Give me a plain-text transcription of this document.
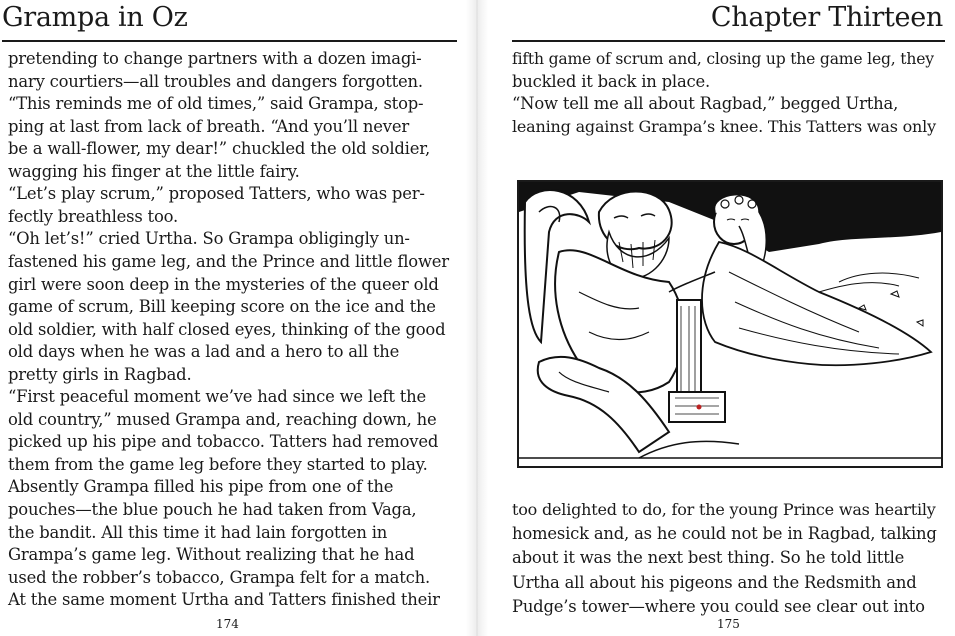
Grampa in Oz
pretending to change partners with a dozen imagi-
nary courtiers—all troubles and dangers forgotten.
“This reminds me of old times,” said Grampa, stop-
ping at last from lack of breath. “And you’ll never
be a wall-flower, my dear!” chuckled the old soldier,
wagging his finger at the little fairy.
“Let’s play scrum,” proposed Tatters, who was per-
fectly breathless too.
“Oh let’s!” cried Urtha. So Grampa obligingly un-
fastened his game leg, and the Prince and little flower
girl were soon deep in the mysteries of the queer old
game of scrum, Bill keeping score on the ice and the
old soldier, with half closed eyes, thinking of the good
old days when he was a lad and a hero to all the
pretty girls in Ragbad.
“First peaceful moment we’ve had since we left the
old country,” mused Grampa and, reaching down, he
picked up his pipe and tobacco. Tatters had removed
them from the game leg before they started to play.
Absently Grampa filled his pipe from one of the
pouches—the blue pouch he had taken from Vaga,
the bandit. All this time it had lain forgotten in
Grampa’s game leg. Without realizing that he had
used the robber’s tobacco, Grampa felt for a match.
At the same moment Urtha and Tatters finished their
174
Chapter Thirteen
fifth game of scrum and, closing up the game leg, they
buckled it back in place.
“Now tell me all about Ragbad,” begged Urtha,
leaning against Grampa’s knee. This Tatters was only
too delighted to do, for the young Prince was heartily
homesick and, as he could not be in Ragbad, talking
about it was the next best thing. So he told little
Urtha all about his pigeons and the Redsmith and
Pudge’s tower—where you could see clear out into
175
